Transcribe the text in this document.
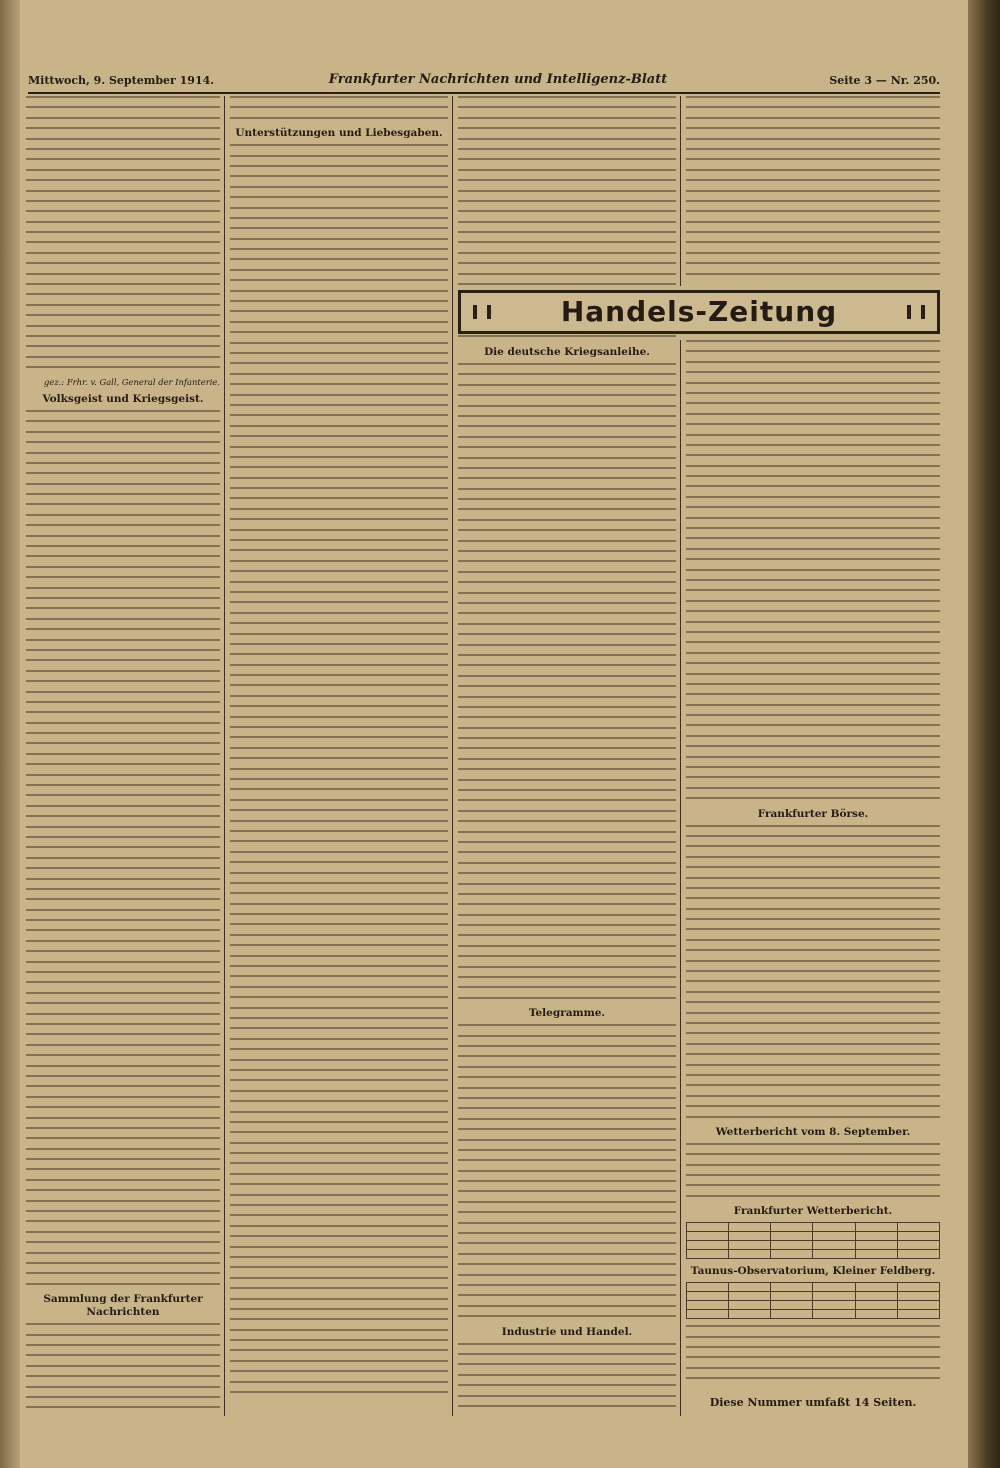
Mittwoch, 9. September 1914.	Frankfurter Nachrichten und Intelligenz-Blatt	Seite 3 — Nr. 250.
gez.: Frhr. v. Gall, General der Infanterie.
Volksgeist und Kriegsgeist.
Sammlung der Frankfurter Nachrichten
Unterstützungen und Liebesgaben.
Handels-Zeitung
Die deutsche Kriegsanleihe.
Telegramme.
Industrie und Handel.
Frankfurter Börse.
Wetterbericht vom 8. September.
Frankfurter Wetterbericht.

Taunus-Observatorium, Kleiner Feldberg.

Diese Nummer umfaßt 14 Seiten.
